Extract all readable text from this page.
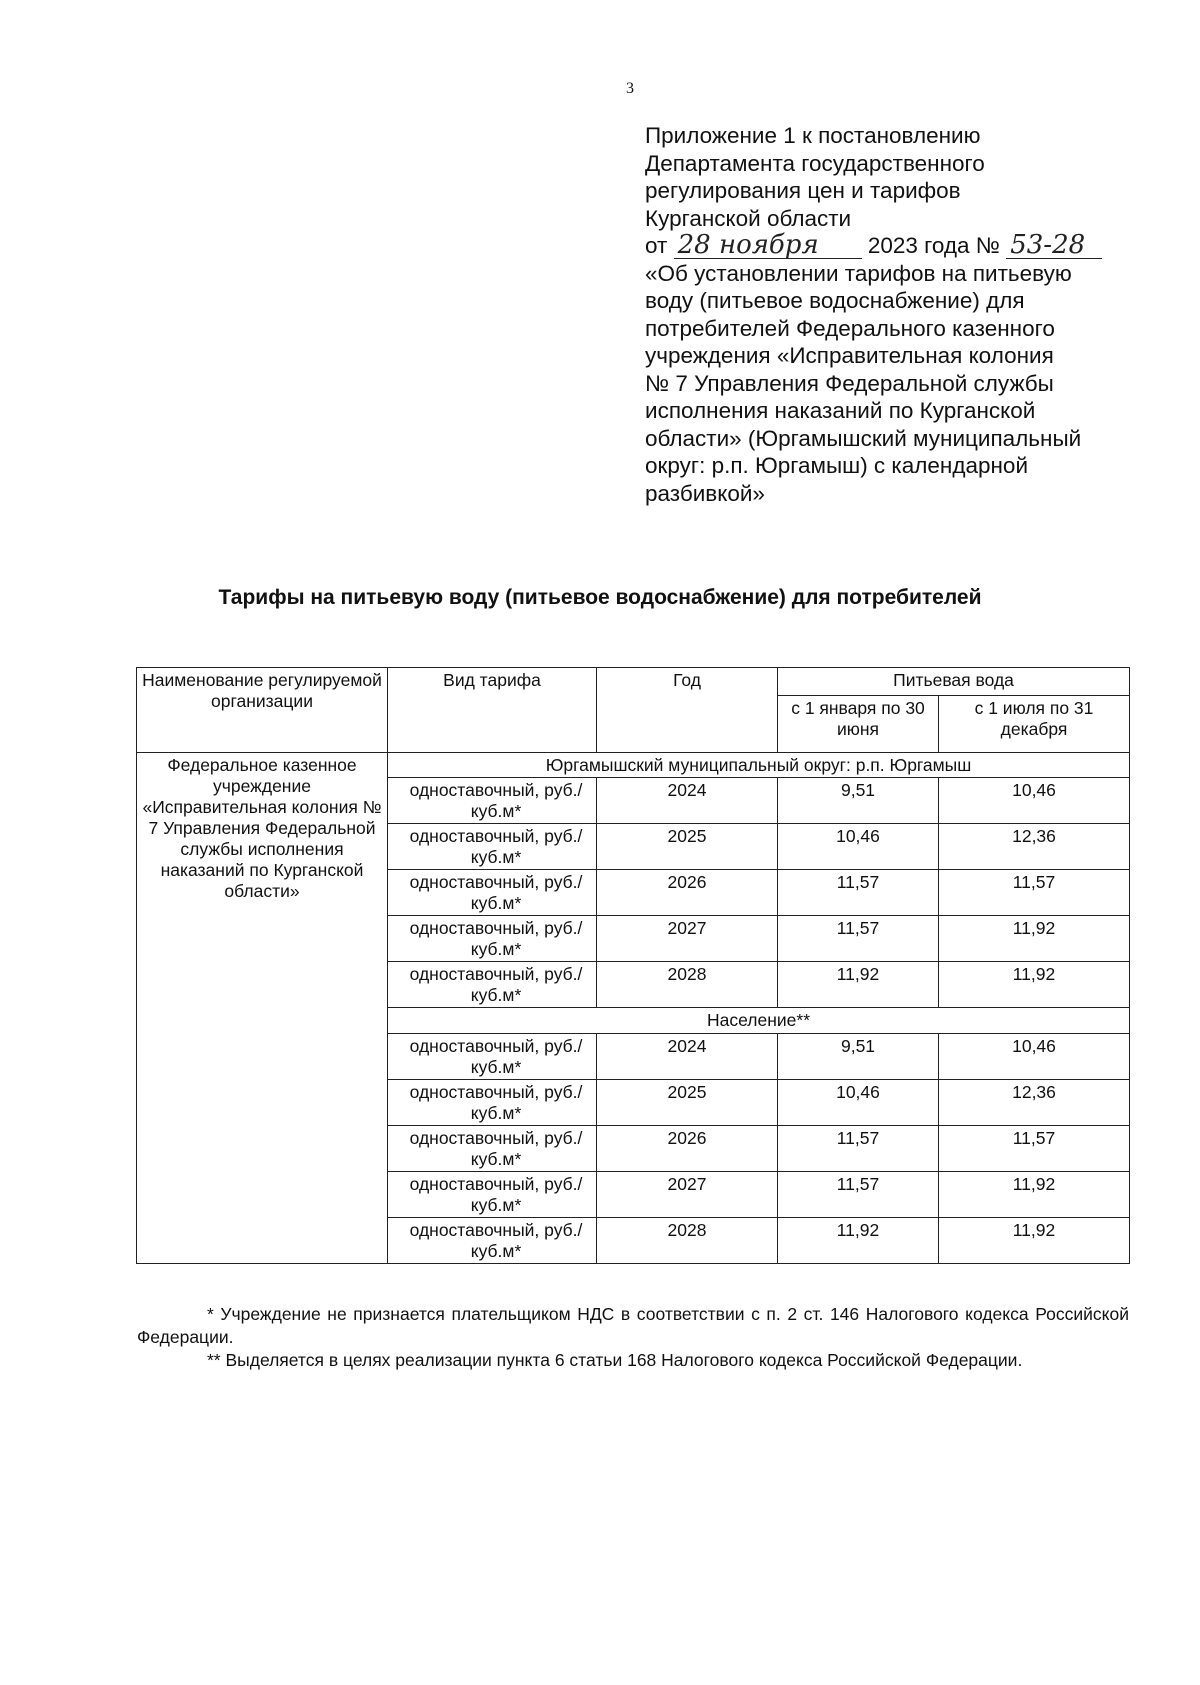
3
Приложение 1 к постановлению
Департамента государственного
регулирования цен и тарифов
Курганской области
от 28 ноября 2023 года № 53-28
«Об установлении тарифов на питьевую
воду (питьевое водоснабжение) для
потребителей Федерального казенного
учреждения «Исправительная колония
№ 7 Управления Федеральной службы
исполнения наказаний по Курганской
области» (Юргамышский муниципальный
округ: р.п. Юргамыш) с календарной
разбивкой»
Тарифы на питьевую воду (питьевое водоснабжение) для потребителей
Наименование регулируемой организации	Вид тарифа	Год	Питьевая вода	
			с 1 января по 30 июня	с 1 июля по 31 декабря
Федеральное казенное учреждение «Исправительная колония № 7 Управления Федеральной службы исполнения наказаний по Курганской области»	Юргамышский муниципальный округ: р.п. Юргамыш			
	одноставочный, руб./куб.м*	2024	9,51	10,46
	одноставочный, руб./куб.м*	2025	10,46	12,36
	одноставочный, руб./куб.м*	2026	11,57	11,57
	одноставочный, руб./куб.м*	2027	11,57	11,92
	одноставочный, руб./куб.м*	2028	11,92	11,92
	Население**			
	одноставочный, руб./куб.м*	2024	9,51	10,46
	одноставочный, руб./куб.м*	2025	10,46	12,36
	одноставочный, руб./куб.м*	2026	11,57	11,57
	одноставочный, руб./куб.м*	2027	11,57	11,92
	одноставочный, руб./куб.м*	2028	11,92	11,92

* Учреждение не признается плательщиком НДС в соответствии с п. 2 ст. 146 Налогового кодекса Российской Федерации.

** Выделяется в целях реализации пункта 6 статьи 168 Налогового кодекса Российской Федерации.
